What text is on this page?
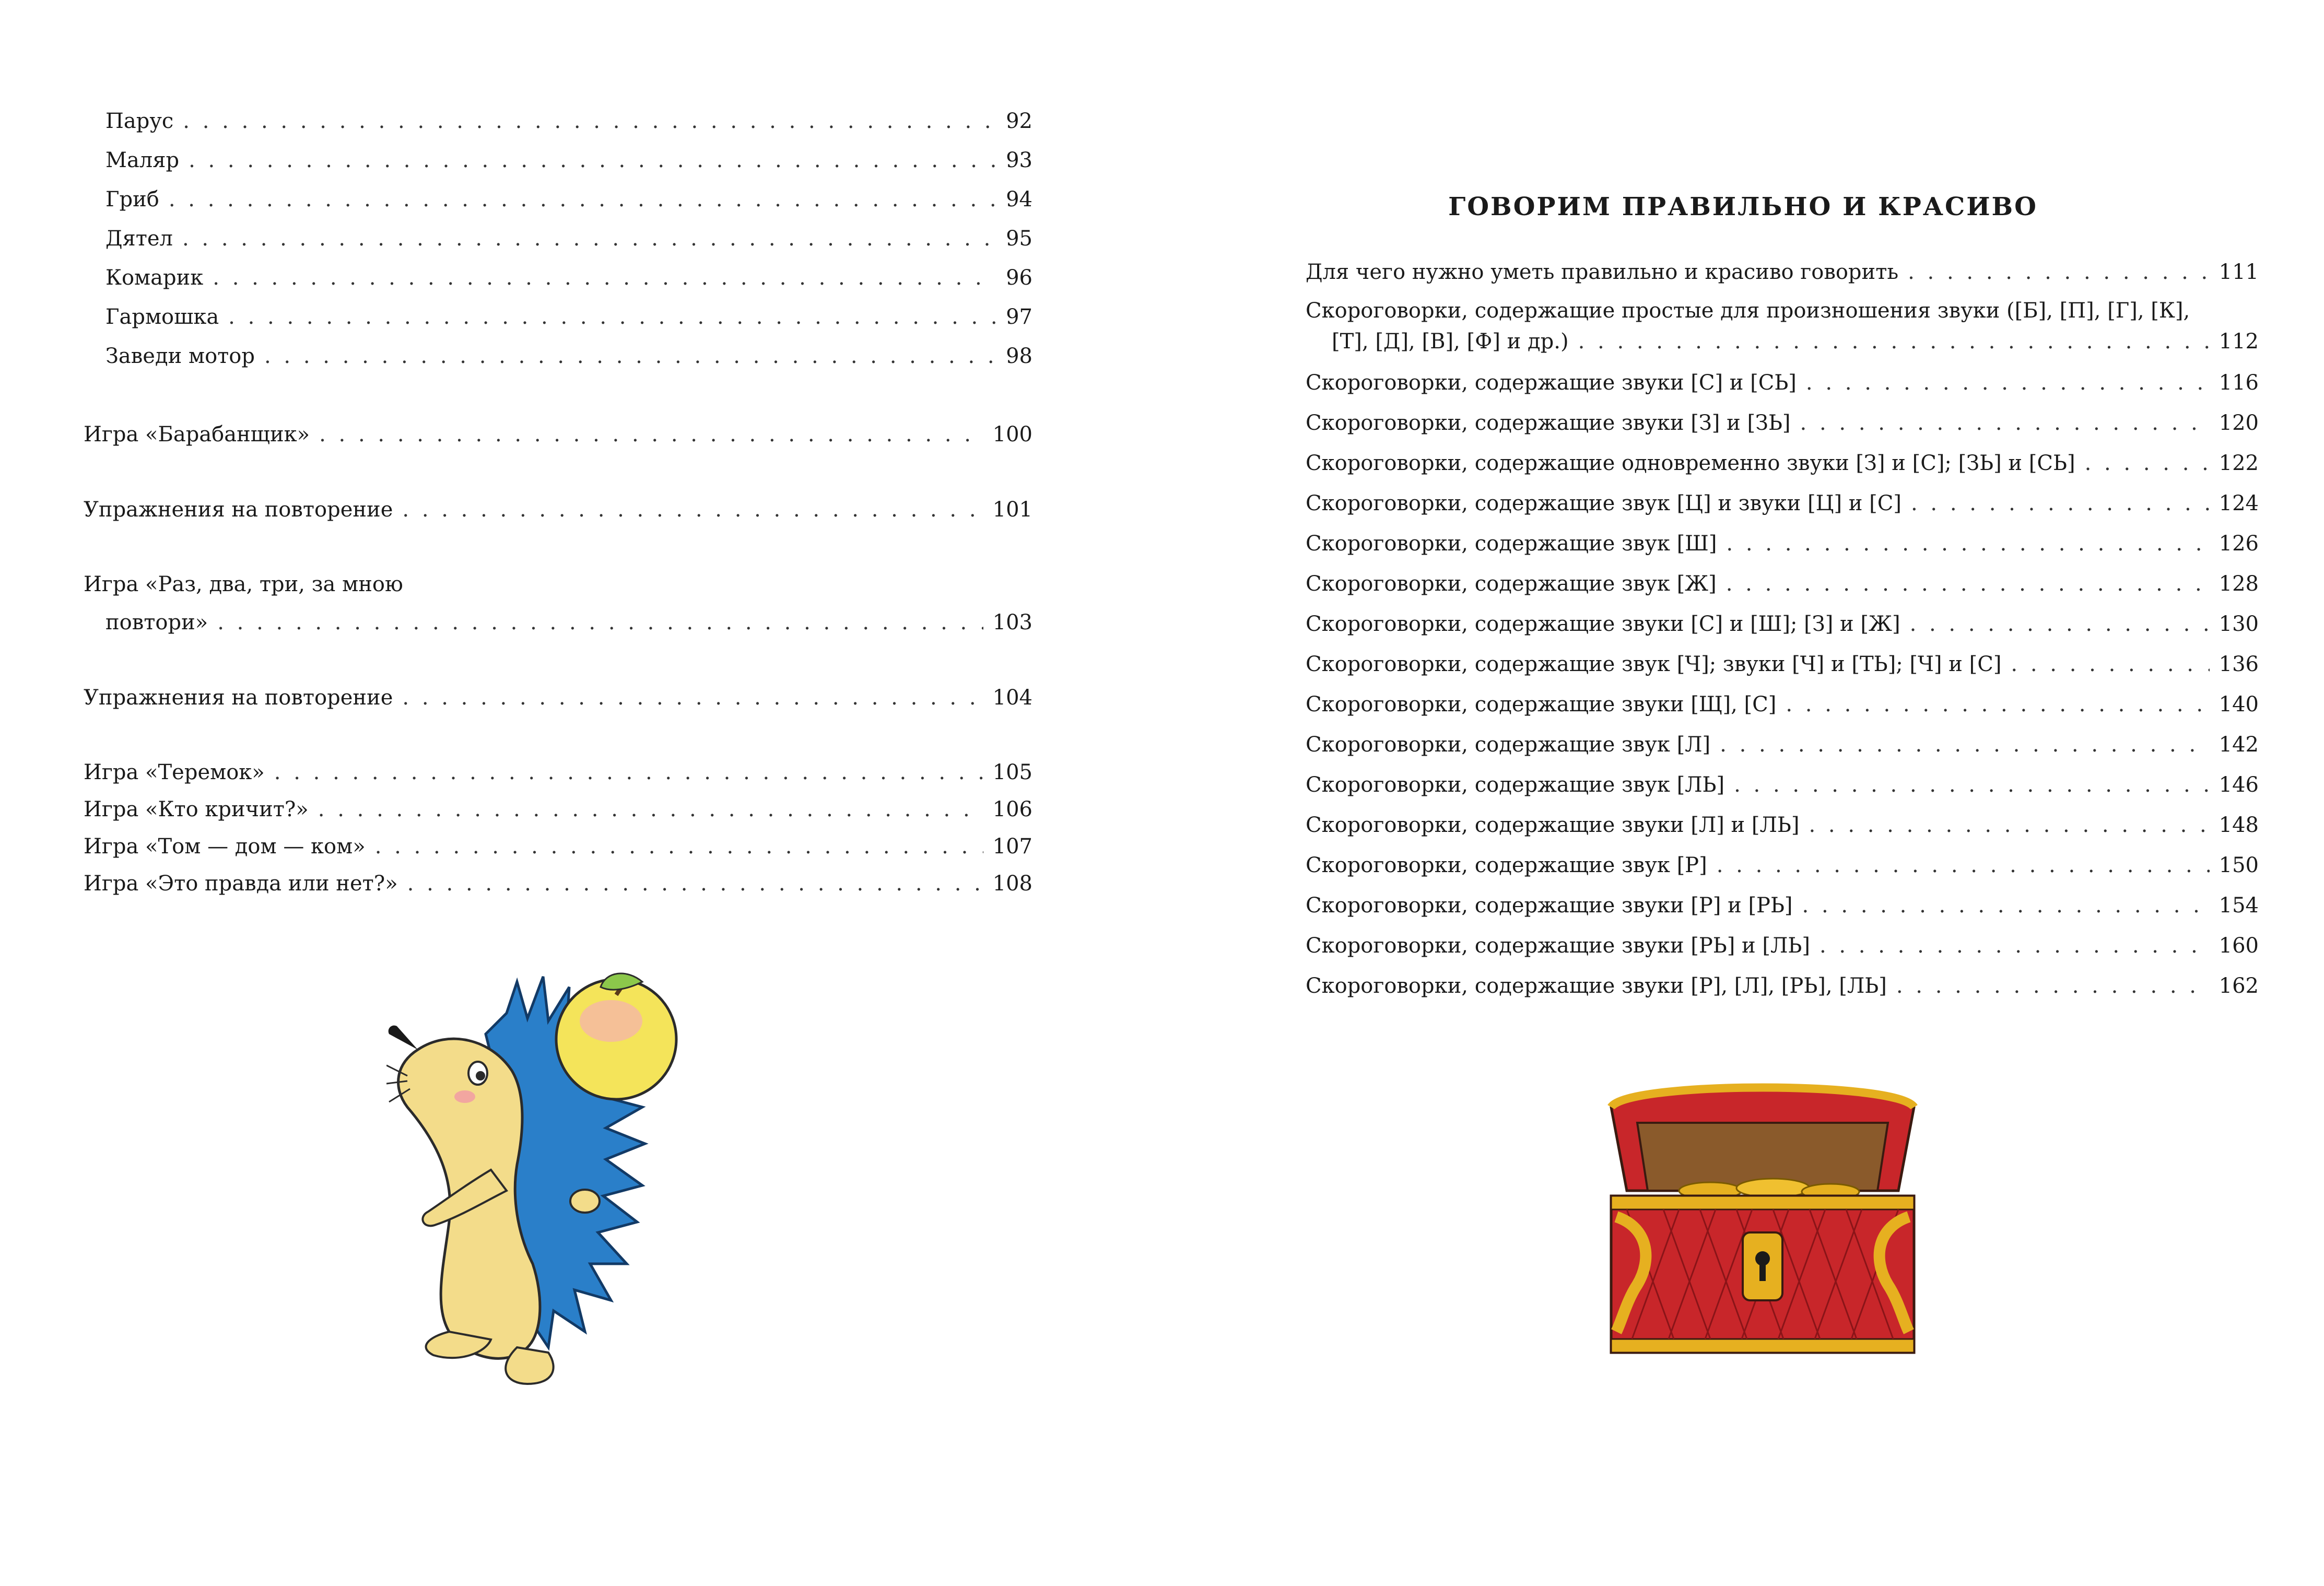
Парус . . .	92
Маляр . . .	93
Гриб . . .	94
Дятел . . .	95
Комарик . . .	96
Гармошка . . .	97
Заведи мотор . . .	98
Игра «Барабанщик» . . .	100
Упражнения на повторение . . .	101
Игра «Раз, два, три, за мною
повтори» . . .	103
Упражнения на повторение . . .	104
Игра «Теремок» . . .	105
Игра «Кто кричит?» . . .	106
Игра «Том — дом — ком» . . .	107
Игра «Это правда или нет?» . . .	108
ГОВОРИМ ПРАВИЛЬНО И КРАСИВО
Для чего нужно уметь правильно и красиво говорить . . .	111
Скороговорки, содержащие простые для произношения звуки ([Б], [П], [Г], [К],
[Т], [Д], [В], [Ф] и др.) . . .	112
Скороговорки, содержащие звуки [С] и [СЬ] . . .	116
Скороговорки, содержащие звуки [З] и [ЗЬ] . . .	120
Скороговорки, содержащие одновременно звуки [З] и [С]; [ЗЬ] и [СЬ] . . .	122
Скороговорки, содержащие звук [Ц] и звуки [Ц] и [С] . . .	124
Скороговорки, содержащие звук [Ш] . . .	126
Скороговорки, содержащие звук [Ж] . . .	128
Скороговорки, содержащие звуки [С] и [Ш]; [З] и [Ж] . . .	130
Скороговорки, содержащие звук [Ч]; звуки [Ч] и [ТЬ]; [Ч] и [С] . . .	136
Скороговорки, содержащие звуки [Щ], [С] . . .	140
Скороговорки, содержащие звук [Л] . . .	142
Скороговорки, содержащие звук [ЛЬ] . . .	146
Скороговорки, содержащие звуки [Л] и [ЛЬ] . . .	148
Скороговорки, содержащие звук [Р] . . .	150
Скороговорки, содержащие звуки [Р] и [РЬ] . . .	154
Скороговорки, содержащие звуки [РЬ] и [ЛЬ] . . .	160
Скороговорки, содержащие звуки [Р], [Л], [РЬ], [ЛЬ] . . .	162
